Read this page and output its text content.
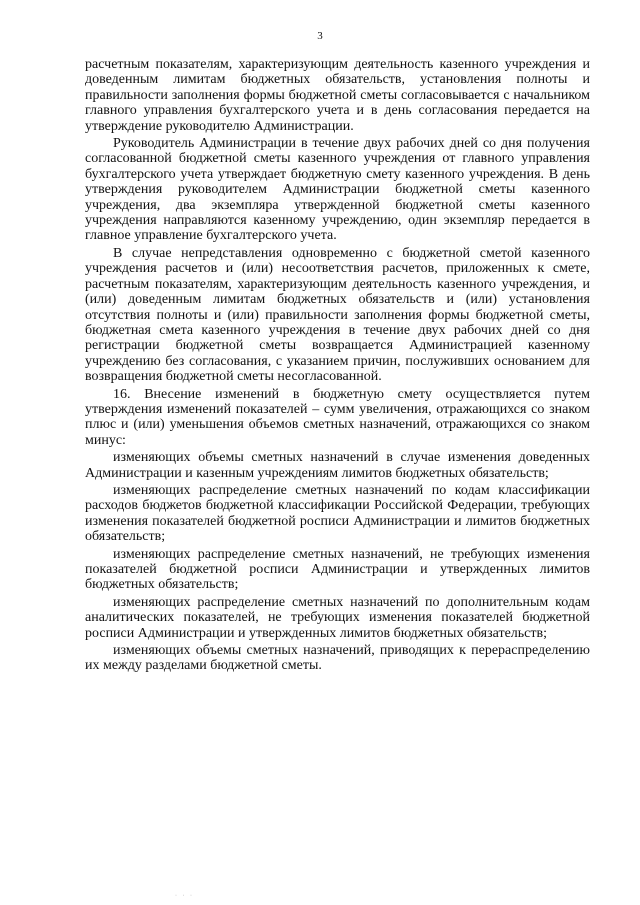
3

расчетным показателям, характеризующим деятельность казенного учреждения и доведенным лимитам бюджетных обязательств, установления полноты и правильности заполнения формы бюджетной сметы согласовывается с начальником главного управления бухгалтерского учета и в день согласования передается на утверждение руководителю Администрации.

Руководитель Администрации в течение двух рабочих дней со дня получения согласованной бюджетной сметы казенного учреждения от главного управления бухгалтерского учета утверждает бюджетную смету казенного учреждения. В день утверждения руководителем Администрации бюджетной сметы казенного учреждения, два экземпляра утвержденной бюджетной сметы казенного учреждения направляются казенному учреждению, один экземпляр передается в главное управление бухгалтерского учета.

В случае непредставления одновременно с бюджетной сметой казенного учреждения расчетов и (или) несоответствия расчетов, приложенных к смете, расчетным показателям, характеризующим деятельность казенного учреждения, и (или) доведенным лимитам бюджетных обязательств и (или) установления отсутствия полноты и (или) правильности заполнения формы бюджетной сметы, бюджетная смета казенного учреждения в течение двух рабочих дней со дня регистрации бюджетной сметы возвращается Администрацией казенному учреждению без согласования, с указанием причин, послуживших основанием для возвращения бюджетной сметы несогласованной.

16. Внесение изменений в бюджетную смету осуществляется путем утверждения изменений показателей – сумм увеличения, отражающихся со знаком плюс и (или) уменьшения объемов сметных назначений, отражающихся со знаком минус:

изменяющих объемы сметных назначений в случае изменения доведенных Администрации и казенным учреждениям лимитов бюджетных обязательств;

изменяющих распределение сметных назначений по кодам классификации расходов бюджетов бюджетной классификации Российской Федерации, требующих изменения показателей бюджетной росписи Администрации и лимитов бюджетных обязательств;

изменяющих распределение сметных назначений, не требующих изменения показателей бюджетной росписи Администрации и утвержденных лимитов бюджетных обязательств;

изменяющих распределение сметных назначений по дополнительным кодам аналитических показателей, не требующих изменения показателей бюджетной росписи Администрации и утвержденных лимитов бюджетных обязательств;

изменяющих объемы сметных назначений, приводящих к перераспределению их между разделами бюджетной сметы.

· · ·
